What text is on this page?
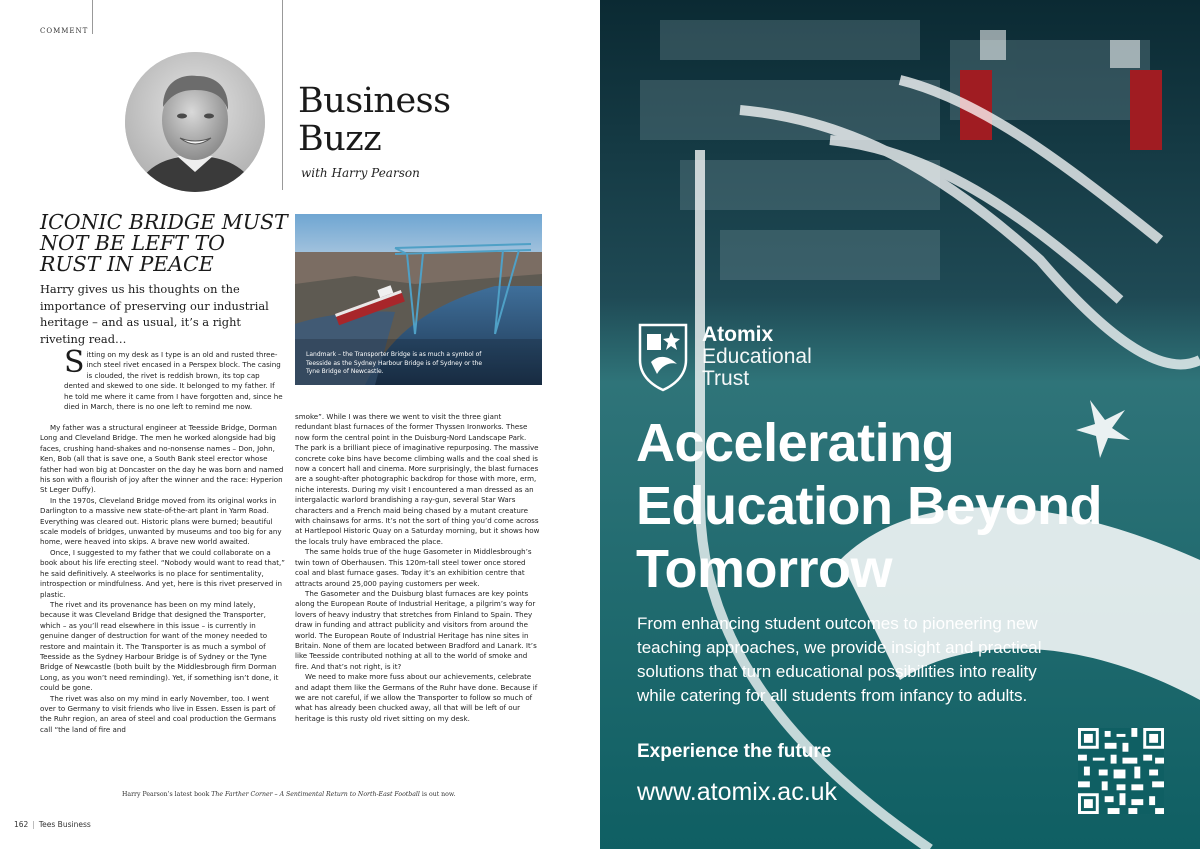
COMMENT
Business
Buzz
with Harry Pearson
ICONIC BRIDGE MUST NOT BE LEFT TO RUST IN PEACE
Harry gives us his thoughts on the importance of preserving our industrial heritage – and as usual, it’s a right riveting read…
Landmark – the Transporter Bridge is as much a symbol of Teesside as the Sydney Harbour Bridge is of Sydney or the Tyne Bridge of Newcastle.
S itting on my desk as I type is an old and rusted three-inch steel rivet encased in a Perspex block. The casing is clouded, the rivet is reddish brown, its top cap dented and skewed to one side. It belonged to my father. If he told me where it came from I have forgotten and, since he died in March, there is no one left to remind me now.

My father was a structural engineer at Teesside Bridge, Dorman Long and Cleveland Bridge. The men he worked alongside had big faces, crushing hand-shakes and no-nonsense names – Don, John, Ken, Bob (all that is save one, a South Bank steel erector whose father had won big at Doncaster on the day he was born and named his son with a flourish of joy after the winner and the race: Hyperion St Leger Duffy).

In the 1970s, Cleveland Bridge moved from its original works in Darlington to a massive new state-of-the-art plant in Yarm Road. Everything was cleared out. Historic plans were burned; beautiful scale models of bridges, unwanted by museums and too big for any home, were heaved into skips. A brave new world awaited.

Once, I suggested to my father that we could collaborate on a book about his life erecting steel. “Nobody would want to read that,” he said definitively. A steelworks is no place for sentimentality, introspection or mindfulness. And yet, here is this rivet preserved in plastic.

The rivet and its provenance has been on my mind lately, because it was Cleveland Bridge that designed the Transporter, which – as you’ll read elsewhere in this issue – is currently in genuine danger of destruction for want of the money needed to restore and maintain it. The Transporter is as much a symbol of Teesside as the Sydney Harbour Bridge is of Sydney or the Tyne Bridge of Newcastle (both built by the Middlesbrough firm Dorman Long, as you won’t need reminding). Yet, if something isn’t done, it could be gone.

The rivet was also on my mind in early November, too. I went over to Germany to visit friends who live in Essen. Essen is part of the Ruhr region, an area of steel and coal production the Germans call “the land of fire and

smoke”. While I was there we went to visit the three giant redundant blast furnaces of the former Thyssen Ironworks. These now form the central point in the Duisburg-Nord Landscape Park. The park is a brilliant piece of imaginative repurposing. The massive concrete coke bins have become climbing walls and the coal shed is now a concert hall and cinema. More surprisingly, the blast furnaces are a sought-after photographic backdrop for those with more, erm, niche interests. During my visit I encountered a man dressed as an intergalactic warlord brandishing a ray-gun, several Star Wars characters and a French maid being chased by a mutant creature with chainsaws for arms. It’s not the sort of thing you’d come across at Hartlepool Historic Quay on a Saturday morning, but it shows how the locals truly have embraced the place.

The same holds true of the huge Gasometer in Middlesbrough’s twin town of Oberhausen. This 120m-tall steel tower once stored coal and blast furnace gases. Today it’s an exhibition centre that attracts around 25,000 paying customers per week.

The Gasometer and the Duisburg blast furnaces are key points along the European Route of Industrial Heritage, a pilgrim’s way for lovers of heavy industry that stretches from Finland to Spain. They draw in funding and attract publicity and visitors from around the world. The European Route of Industrial Heritage has nine sites in Britain. None of them are located between Bradford and Lanark. It’s like Teesside contributed nothing at all to the world of smoke and fire. And that’s not right, is it?

We need to make more fuss about our achievements, celebrate and adapt them like the Germans of the Ruhr have done. Because if we are not careful, if we allow the Transporter to follow so much of what has already been chucked away, all that will be left of our heritage is this rusty old rivet sitting on my desk.

Harry Pearson’s latest book The Farther Corner – A Sentimental Return to North-East Football is out now.
162 | Tees Business
Atomix
Educational
Trust
Accelerating
Education Beyond
Tomorrow
From enhancing student outcomes to pioneering new teaching approaches, we provide insight and practical solutions that turn educational possibilities into reality while catering for all students from infancy to adults.
Experience the future
www.atomix.ac.uk
